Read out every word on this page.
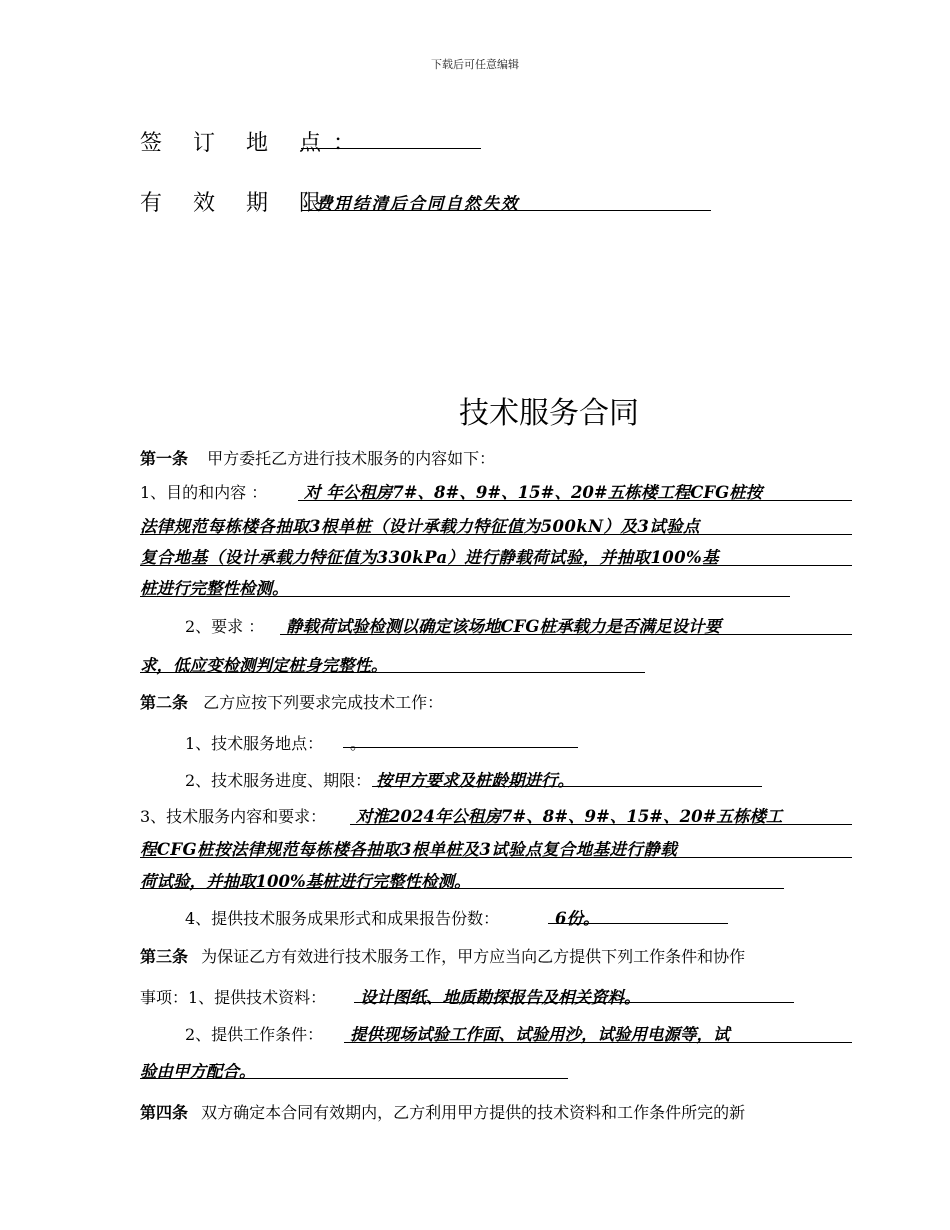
下载后可任意编辑
签 订 地 点：
有 效 期 限：
费用结清后合同自然失效
技术服务合同
第一条 甲方委托乙方进行技术服务的内容如下：
1、目的和内容 ： 对 年公租房7#、8#、9#、15#、20#五栋楼工程CFG桩按
法律规范每栋楼各抽取3根单桩（设计承载力特征值为500kN）及3试验点
复合地基（设计承载力特征值为330kPa）进行静载荷试验，并抽取100%基
桩进行完整性检测。
2、要求 ： 静载荷试验检测以确定该场地CFG桩承载力是否满足设计要
求，低应变检测判定桩身完整性。
第二条 乙方应按下列要求完成技术工作：
1、技术服务地点： 。
2、技术服务进度、期限： 按甲方要求及桩龄期进行。
3、技术服务内容和要求： 对淮2024年公租房7#、8#、9#、15#、20#五栋楼工
程CFG桩按法律规范每栋楼各抽取3根单桩及3试验点复合地基进行静载
荷试验，并抽取100%基桩进行完整性检测。
4、提供技术服务成果形式和成果报告份数：	6份。
第三条 为保证乙方有效进行技术服务工作，甲方应当向乙方提供下列工作条件和协作
事项：1、提供技术资料： 设计图纸、地质勘探报告及相关资料。
2、提供工作条件： 提供现场试验工作面、试验用沙，试验用电源等，试
验由甲方配合。
第四条 双方确定本合同有效期内，乙方利用甲方提供的技术资料和工作条件所完的新
